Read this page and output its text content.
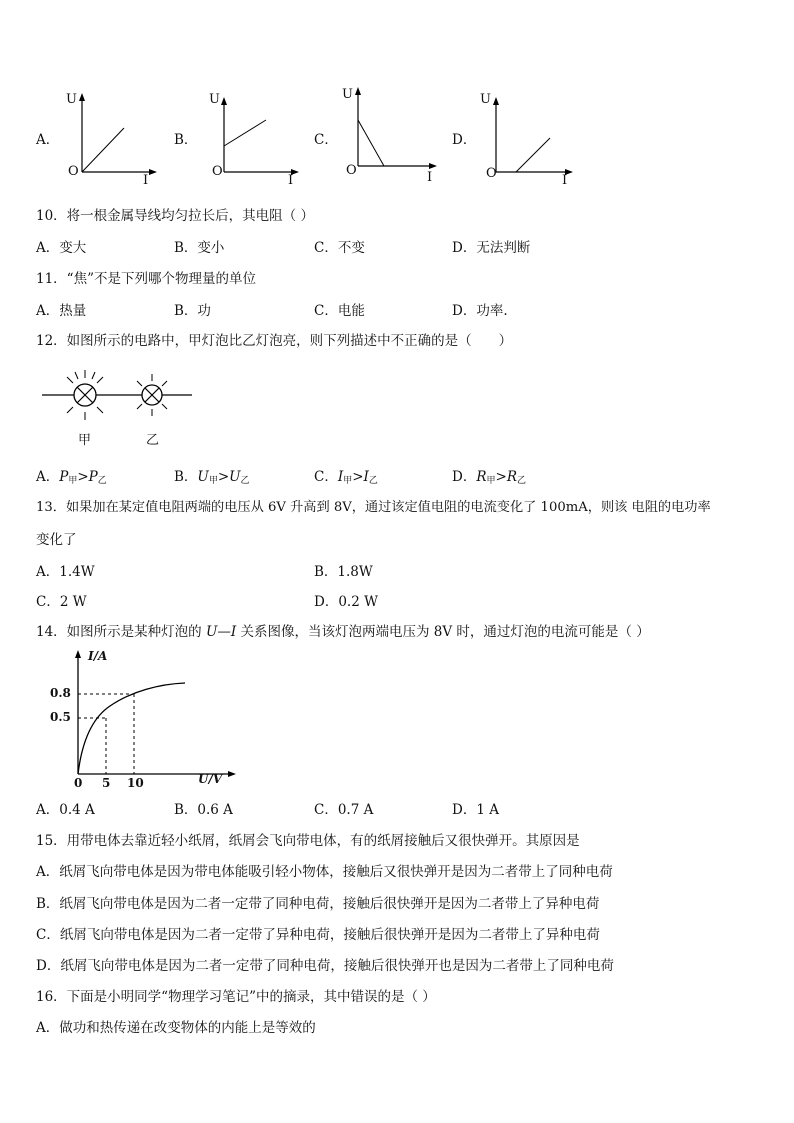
A．
U
O
I
B．
U
O
I
C．
U
O	I
D．
U
O	I
10．将一根金属导线均匀拉长后，其电阻（ ）
A．变大	B．变小	C．不变	D．无法判断
11．“焦”不是下列哪个物理量的单位
A．热量	B．功	C．电能	D．功率.
12．如图所示的电路中，甲灯泡比乙灯泡亮，则下列描述中不正确的是（　　）
甲	乙
A．$P_甲>P_乙$	B．$U_甲>U_乙$	C．$I_甲>I_乙$	D．$R_甲>R_乙$
13．如果加在某定值电阻两端的电压从 6V 升高到 8V，通过该定值电阻的电流变化了 100mA，则该 电阻的电功率
变化了
A．1.4W	B．1.8W
C．2 W	D．0.2 W
14．如图所示是某种灯泡的 U—I 关系图像，当该灯泡两端电压为 8V 时，通过灯泡的电流可能是（ ）
I/A
0.8
0.5
0 5 10	U/V
A．0.4 A	B．0.6 A	C．0.7 A	D．1 A
15．用带电体去靠近轻小纸屑，纸屑会飞向带电体，有的纸屑接触后又很快弹开。其原因是
A．纸屑飞向带电体是因为带电体能吸引轻小物体，接触后又很快弹开是因为二者带上了同种电荷
B．纸屑飞向带电体是因为二者一定带了同种电荷，接触后很快弹开是因为二者带上了异种电荷
C．纸屑飞向带电体是因为二者一定带了异种电荷，接触后很快弹开是因为二者带上了异种电荷
D．纸屑飞向带电体是因为二者一定带了同种电荷，接触后很快弹开也是因为二者带上了同种电荷
16．下面是小明同学“物理学习笔记”中的摘录，其中错误的是（ ）
A．做功和热传递在改变物体的内能上是等效的
